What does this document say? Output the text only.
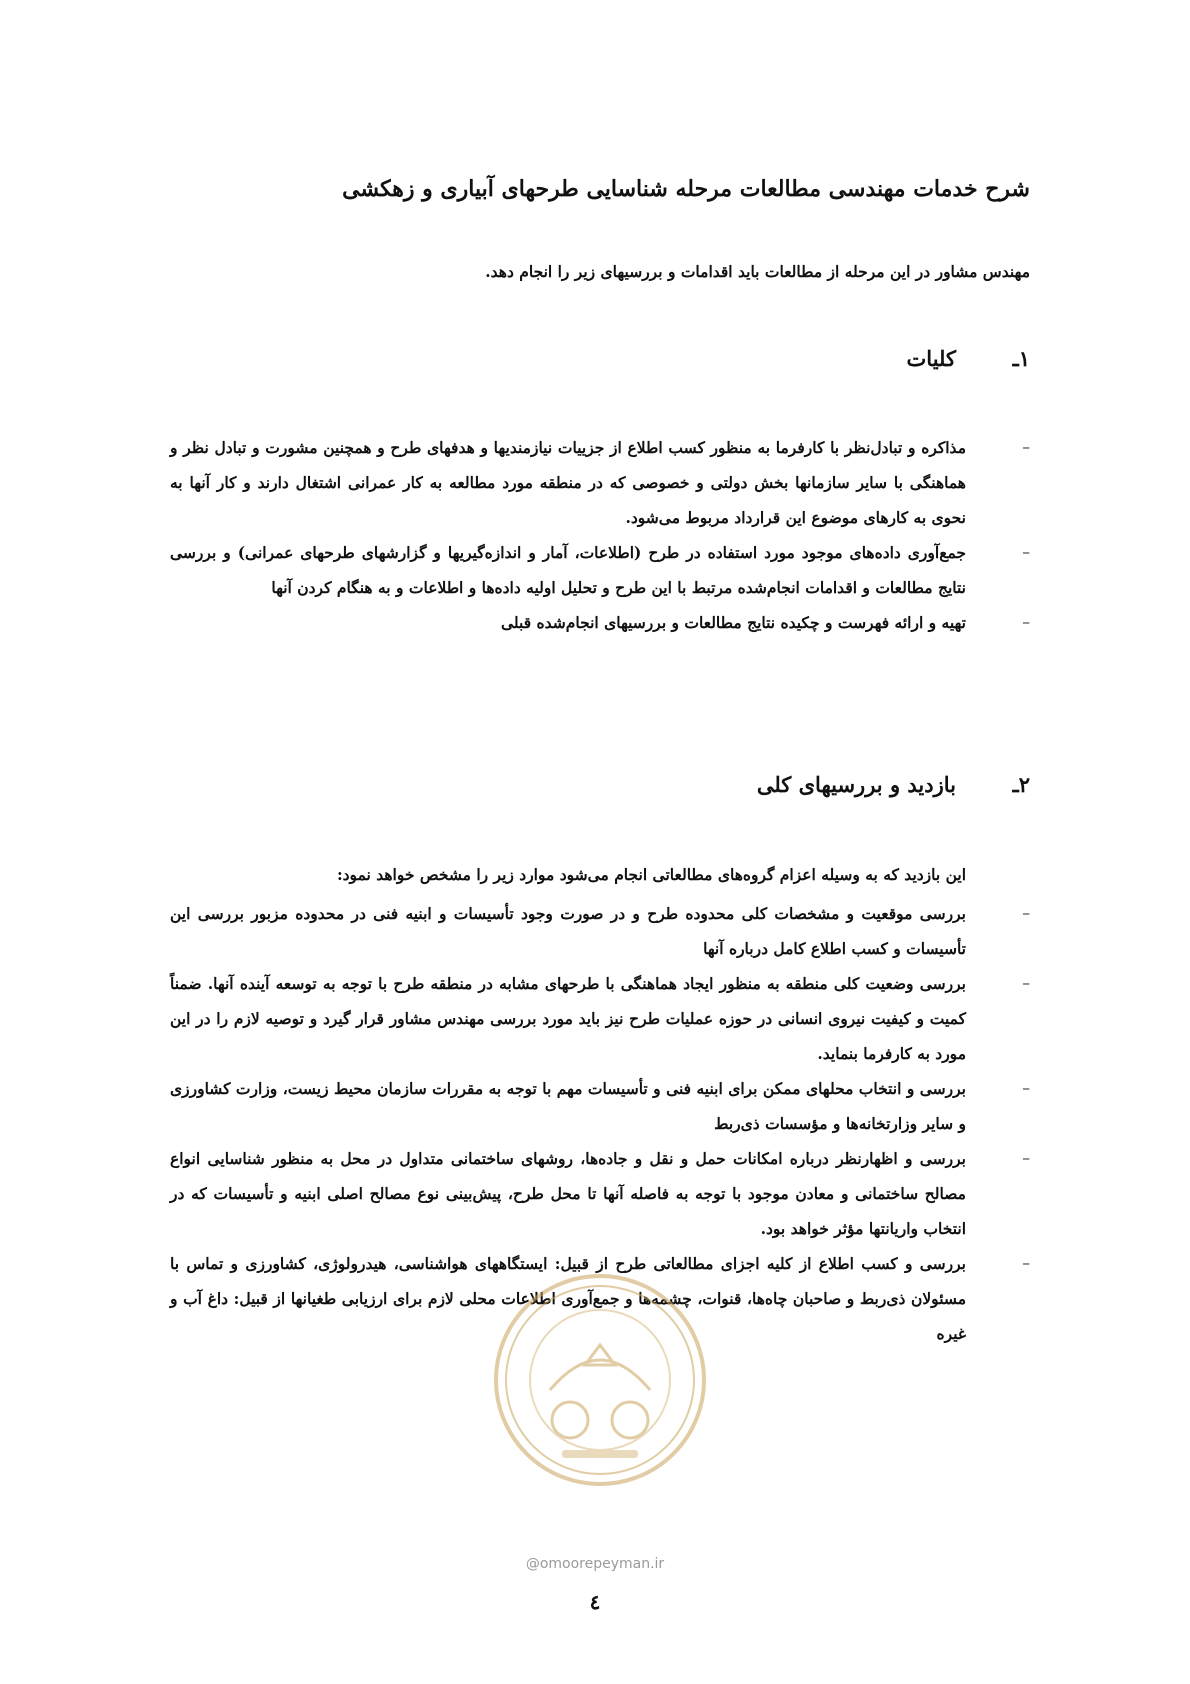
شرح خدمات مهندسی مطالعات مرحله شناسایی طرحهای آبیاری و زهکشی
مهندس مشاور در این مرحله از مطالعات باید اقدامات و بررسیهای زیر را انجام دهد.
۱ـ
کلیات
–
مذاکره و تبادل‌نظر با کارفرما به منظور کسب اطلاع از جزییات نیازمندیها و هدفهای طرح و همچنین مشورت و تبادل نظر و هماهنگی با سایر سازمانها بخش دولتی و خصوصی که در منطقه مورد مطالعه به کار عمرانی اشتغال دارند و کار آنها به نحوی به کارهای موضوع این قرارداد مربوط می‌شود.
–
جمع‌آوری داده‌های موجود مورد استفاده در طرح (اطلاعات، آمار و اندازه‌گیریها و گزارشهای طرحهای عمرانی) و بررسی نتایج مطالعات و اقدامات انجام‌شده مرتبط با این طرح و تحلیل اولیه داده‌ها و اطلاعات و به هنگام کردن آنها
–
تهیه و ارائه فهرست و چکیده نتایج مطالعات و بررسیهای انجام‌شده قبلی
۲ـ
بازدید و بررسیهای کلی
این بازدید که به وسیله اعزام گروه‌های مطالعاتی انجام می‌شود موارد زیر را مشخص خواهد نمود:
–
بررسی موقعیت و مشخصات کلی محدوده طرح و در صورت وجود تأسیسات و ابنیه فنی در محدوده مزبور بررسی این تأسیسات و کسب اطلاع کامل درباره آنها
–
بررسی وضعیت کلی منطقه به منظور ایجاد هماهنگی با طرحهای مشابه در منطقه طرح با توجه به توسعه آینده آنها. ضمناً کمیت و کیفیت نیروی انسانی در حوزه عملیات طرح نیز باید مورد بررسی مهندس مشاور قرار گیرد و توصیه لازم را در این مورد به کارفرما بنماید.
–
بررسی و انتخاب محلهای ممکن برای ابنیه فنی و تأسیسات مهم با توجه به مقررات سازمان محیط زیست، وزارت کشاورزی و سایر وزارتخانه‌ها و مؤسسات ذی‌ربط
–
بررسی و اظهارنظر درباره امکانات حمل و نقل و جاده‌ها، روشهای ساختمانی متداول در محل به منظور شناسایی انواع مصالح ساختمانی و معادن موجود با توجه به فاصله آنها تا محل طرح، پیش‌بینی نوع مصالح اصلی ابنیه و تأسیسات که در انتخاب واریانتها مؤثر خواهد بود.
–
بررسی و کسب اطلاع از کلیه اجزای مطالعاتی طرح از قبیل: ایستگاههای هواشناسی، هیدرولوژی، کشاورزی و تماس با مسئولان ذی‌ربط و صاحبان چاه‌ها، قنوات، چشمه‌ها و جمع‌آوری اطلاعات محلی لازم برای ارزیابی طغیانها از قبیل: داغ آب و غیره
@omoorepeyman.ir
٤
